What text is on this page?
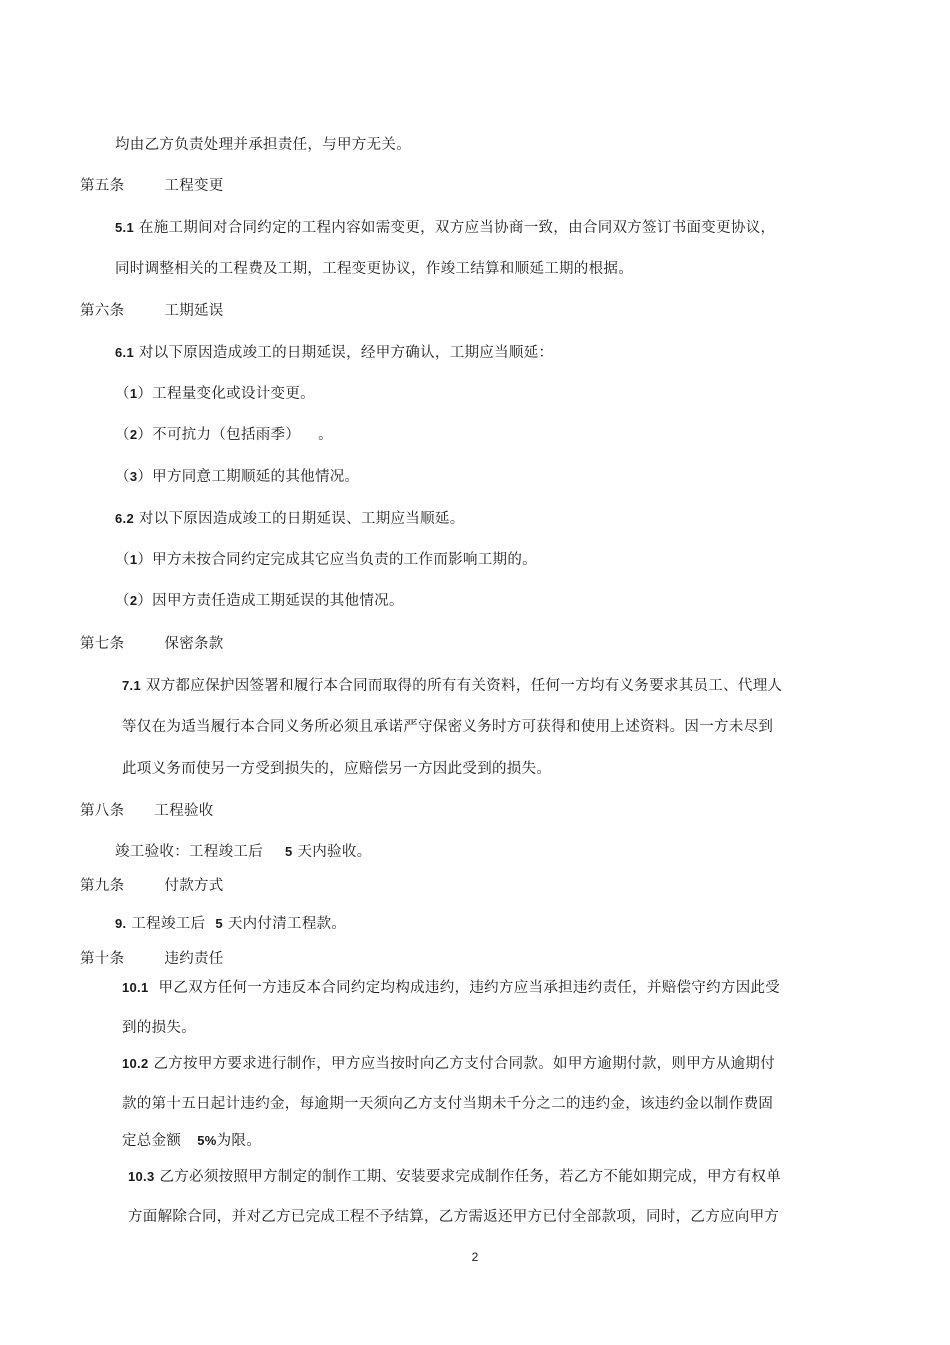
均由乙方负责处理并承担责任，与甲方无关。
第五条	工程变更
5.1 在施工期间对合同约定的工程内容如需变更，双方应当协商一致，由合同双方签订书面变更协议，
同时调整相关的工程费及工期，工程变更协议，作竣工结算和顺延工期的根据。
第六条	工期延误
6.1 对以下原因造成竣工的日期延误，经甲方确认，工期应当顺延：
（1）工程量变化或设计变更。
（2）不可抗力（包括雨季） 。
（3）甲方同意工期顺延的其他情况。
6.2 对以下原因造成竣工的日期延误、工期应当顺延。
（1）甲方未按合同约定完成其它应当负责的工作而影响工期的。
（2）因甲方责任造成工期延误的其他情况。
第七条	保密条款
7.1 双方都应保护因签署和履行本合同而取得的所有有关资料，任何一方均有义务要求其员工、代理人
等仅在为适当履行本合同义务所必须且承诺严守保密义务时方可获得和使用上述资料。因一方未尽到
此项义务而使另一方受到损失的，应赔偿另一方因此受到的损失。
第八条 工程验收
竣工验收：工程竣工后 5 天内验收。
第九条	付款方式
9. 工程竣工后 5 天内付清工程款。
第十条	违约责任
10.1 甲乙双方任何一方违反本合同约定均构成违约，违约方应当承担违约责任，并赔偿守约方因此受
到的损失。
10.2 乙方按甲方要求进行制作，甲方应当按时向乙方支付合同款。如甲方逾期付款，则甲方从逾期付
款的第十五日起计违约金，每逾期一天须向乙方支付当期未千分之二的违约金，该违约金以制作费固
定总金额 5%为限。
10.3 乙方必须按照甲方制定的制作工期、安装要求完成制作任务，若乙方不能如期完成，甲方有权单
方面解除合同，并对乙方已完成工程不予结算，乙方需返还甲方已付全部款项，同时，乙方应向甲方
2
